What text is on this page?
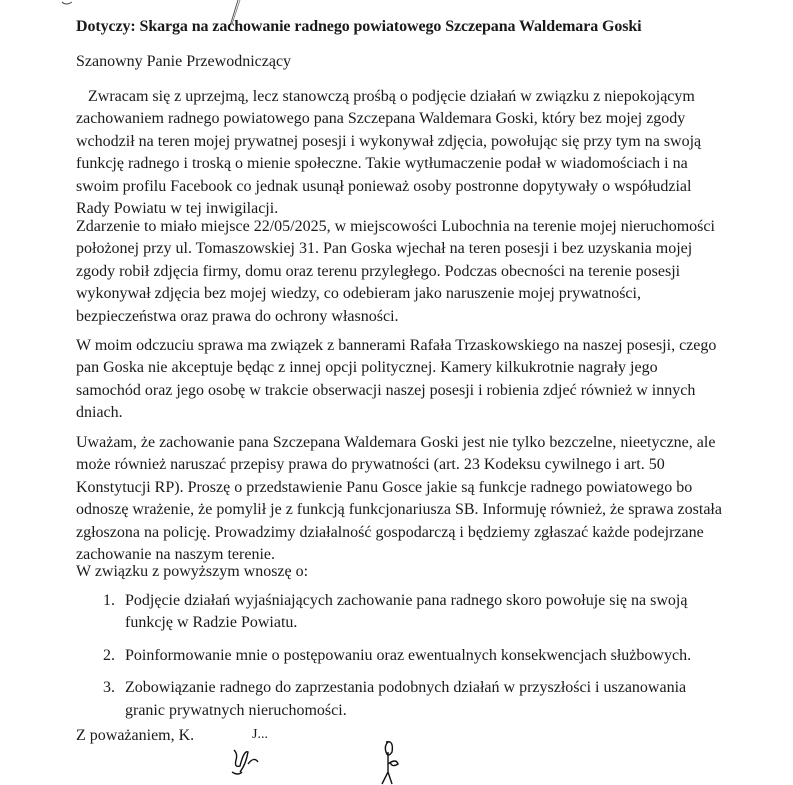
Dotyczy: Skarga na zachowanie radnego powiatowego Szczepana Waldemara Goski
Szanowny Panie Przewodniczący

Zwracam się z uprzejmą, lecz stanowczą prośbą o podjęcie działań w związku z niepokojącym zachowaniem radnego powiatowego pana Szczepana Waldemara Goski, który bez mojej zgody wchodził na teren mojej prywatnej posesji i wykonywał zdjęcia, powołując się przy tym na swoją funkcję radnego i troską o mienie społeczne. Takie wytłumaczenie podał w wiadomościach i na swoim profilu Facebook co jednak usunął ponieważ osoby postronne dopytywały o współudzial Rady Powiatu w tej inwigilacji.

Zdarzenie to miało miejsce 22/05/2025, w miejscowości Lubochnia na terenie mojej nieruchomości położonej przy ul. Tomaszowskiej 31. Pan Goska wjechał na teren posesji i bez uzyskania mojej zgody robił zdjęcia firmy, domu oraz terenu przyległego. Podczas obecności na terenie posesji wykonywał zdjęcia bez mojej wiedzy, co odebieram jako naruszenie mojej prywatności, bezpieczeństwa oraz prawa do ochrony własności.

W moim odczuciu sprawa ma związek z bannerami Rafała Trzaskowskiego na naszej posesji, czego pan Goska nie akceptuje będąc z innej opcji politycznej. Kamery kilkukrotnie nagrały jego samochód oraz jego osobę w trakcie obserwacji naszej posesji i robienia zdjeć również w innych dniach.

Uważam, że zachowanie pana Szczepana Waldemara Goski jest nie tylko bezczelne, nieetyczne, ale może również naruszać przepisy prawa do prywatności (art. 23 Kodeksu cywilnego i art. 50 Konstytucji RP). Proszę o przedstawienie Panu Gosce jakie są funkcje radnego powiatowego bo odnoszę wrażenie, że pomylił je z funkcją funkcjonariusza SB. Informuję również, że sprawa została zgłoszona na policję. Prowadzimy działalność gospodarczą i będziemy zgłaszać każde podejrzane zachowanie na naszym terenie.

W związku z powyższym wnoszę o:
1. Podjęcie działań wyjaśniających zachowanie pana radnego skoro powołuje się na swoją funkcję w Radzie Powiatu.
2. Poinformowanie mnie o postępowaniu oraz ewentualnych konsekwencjach służbowych.
3. Zobowiązanie radnego do zaprzestania podobnych działań w przyszłości i uszanowania granic prywatnych nieruchomości.
Z poważaniem, K.	J...
